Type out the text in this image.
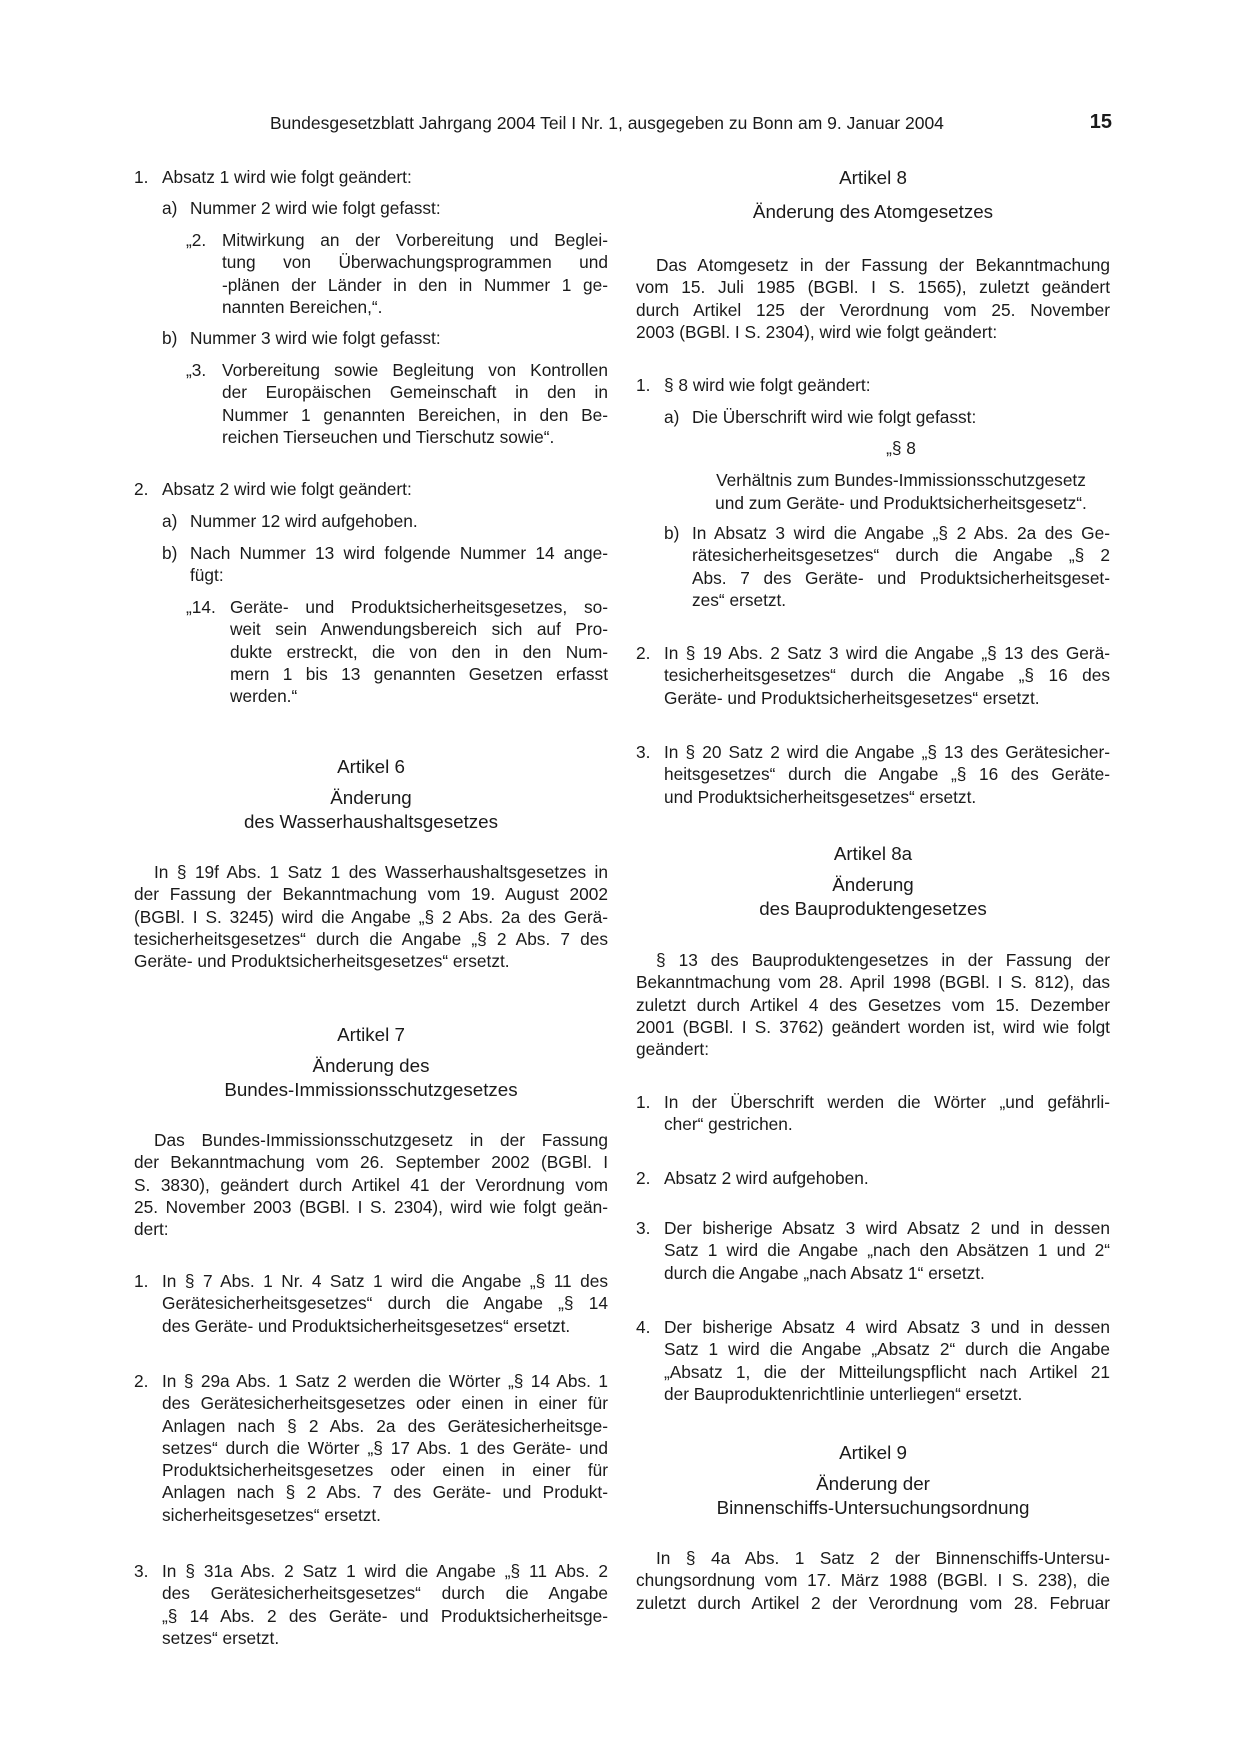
Bundesgesetzblatt Jahrgang 2004 Teil I Nr. 1, ausgegeben zu Bonn am 9. Januar 2004	15
1. Absatz 1 wird wie folgt geändert:
a) Nummer 2 wird wie folgt gefasst:
„2. Mitwirkung an der Vorbereitung und Beglei-
tung von Überwachungsprogrammen und
-plänen der Länder in den in Nummer 1 ge-
nannten Bereichen,“.
b) Nummer 3 wird wie folgt gefasst:
„3. Vorbereitung sowie Begleitung von Kontrollen
der Europäischen Gemeinschaft in den in
Nummer 1 genannten Bereichen, in den Be-
reichen Tierseuchen und Tierschutz sowie“.
2. Absatz 2 wird wie folgt geändert:
a) Nummer 12 wird aufgehoben.
b) Nach Nummer 13 wird folgende Nummer 14 ange-
fügt:
„14. Geräte- und Produktsicherheitsgesetzes, so-
weit sein Anwendungsbereich sich auf Pro-
dukte erstreckt, die von den in den Num-
mern 1 bis 13 genannten Gesetzen erfasst
werden.“
Artikel 6
Änderung
des Wasserhaushaltsgesetzes
In § 19f Abs. 1 Satz 1 des Wasserhaushaltsgesetzes in
der Fassung der Bekanntmachung vom 19. August 2002
(BGBl. I S. 3245) wird die Angabe „§ 2 Abs. 2a des Gerä-
tesicherheitsgesetzes“ durch die Angabe „§ 2 Abs. 7 des
Geräte- und Produktsicherheitsgesetzes“ ersetzt.
Artikel 7
Änderung des
Bundes-Immissionsschutzgesetzes
Das Bundes-Immissionsschutzgesetz in der Fassung
der Bekanntmachung vom 26. September 2002 (BGBl. I
S. 3830), geändert durch Artikel 41 der Verordnung vom
25. November 2003 (BGBl. I S. 2304), wird wie folgt geän-
dert:
1. In § 7 Abs. 1 Nr. 4 Satz 1 wird die Angabe „§ 11 des
Gerätesicherheitsgesetzes“ durch die Angabe „§ 14
des Geräte- und Produktsicherheitsgesetzes“ ersetzt.
2. In § 29a Abs. 1 Satz 2 werden die Wörter „§ 14 Abs. 1
des Gerätesicherheitsgesetzes oder einen in einer für
Anlagen nach § 2 Abs. 2a des Gerätesicherheitsge-
setzes“ durch die Wörter „§ 17 Abs. 1 des Geräte- und
Produktsicherheitsgesetzes oder einen in einer für
Anlagen nach § 2 Abs. 7 des Geräte- und Produkt-
sicherheitsgesetzes“ ersetzt.
3. In § 31a Abs. 2 Satz 1 wird die Angabe „§ 11 Abs. 2
des Gerätesicherheitsgesetzes“ durch die Angabe
„§ 14 Abs. 2 des Geräte- und Produktsicherheitsge-
setzes“ ersetzt.
Artikel 8
Änderung des Atomgesetzes
Das Atomgesetz in der Fassung der Bekanntmachung
vom 15. Juli 1985 (BGBl. I S. 1565), zuletzt geändert
durch Artikel 125 der Verordnung vom 25. November
2003 (BGBl. I S. 2304), wird wie folgt geändert:
1. § 8 wird wie folgt geändert:
a) Die Überschrift wird wie folgt gefasst:
„§ 8
Verhältnis zum Bundes-Immissionsschutzgesetz
und zum Geräte- und Produktsicherheitsgesetz“.
b) In Absatz 3 wird die Angabe „§ 2 Abs. 2a des Ge-
rätesicherheitsgesetzes“ durch die Angabe „§ 2
Abs. 7 des Geräte- und Produktsicherheitsgeset-
zes“ ersetzt.
2. In § 19 Abs. 2 Satz 3 wird die Angabe „§ 13 des Gerä-
tesicherheitsgesetzes“ durch die Angabe „§ 16 des
Geräte- und Produktsicherheitsgesetzes“ ersetzt.
3. In § 20 Satz 2 wird die Angabe „§ 13 des Gerätesicher-
heitsgesetzes“ durch die Angabe „§ 16 des Geräte-
und Produktsicherheitsgesetzes“ ersetzt.
Artikel 8a
Änderung
des Bauproduktengesetzes
§ 13 des Bauproduktengesetzes in der Fassung der
Bekanntmachung vom 28. April 1998 (BGBl. I S. 812), das
zuletzt durch Artikel 4 des Gesetzes vom 15. Dezember
2001 (BGBl. I S. 3762) geändert worden ist, wird wie folgt
geändert:
1. In der Überschrift werden die Wörter „und gefährli-
cher“ gestrichen.
2. Absatz 2 wird aufgehoben.
3. Der bisherige Absatz 3 wird Absatz 2 und in dessen
Satz 1 wird die Angabe „nach den Absätzen 1 und 2“
durch die Angabe „nach Absatz 1“ ersetzt.
4. Der bisherige Absatz 4 wird Absatz 3 und in dessen
Satz 1 wird die Angabe „Absatz 2“ durch die Angabe
„Absatz 1, die der Mitteilungspflicht nach Artikel 21
der Bauproduktenrichtlinie unterliegen“ ersetzt.
Artikel 9
Änderung der
Binnenschiffs-Untersuchungsordnung
In § 4a Abs. 1 Satz 2 der Binnenschiffs-Untersu-
chungsordnung vom 17. März 1988 (BGBl. I S. 238), die
zuletzt durch Artikel 2 der Verordnung vom 28. Februar
